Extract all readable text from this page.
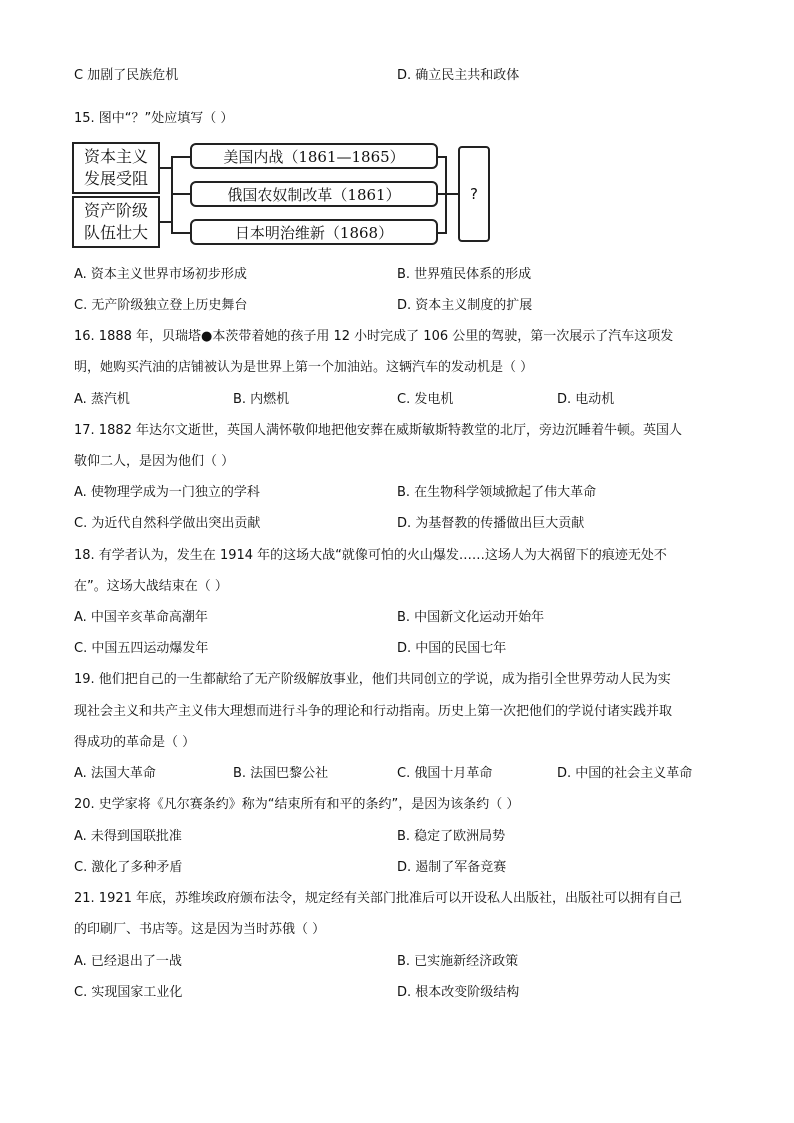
C 加剧了民族危机	D. 确立民主共和政体
15. 图中“？”处应填写（ ）
资本主义发展受阻
资产阶级队伍壮大
美国内战（1861—1865）
俄国农奴制改革（1861）
日本明治维新（1868）
?
A. 资本主义世界市场初步形成	B. 世界殖民体系的形成
C. 无产阶级独立登上历史舞台	D. 资本主义制度的扩展
16. 1888 年，贝瑞塔●本茨带着她的孩子用 12 小时完成了 106 公里的驾驶，第一次展示了汽车这项发
明，她购买汽油的店铺被认为是世界上第一个加油站。这辆汽车的发动机是（ ）
A. 蒸汽机	B. 内燃机	C. 发电机	D. 电动机
17. 1882 年达尔文逝世，英国人满怀敬仰地把他安葬在威斯敏斯特教堂的北厅，旁边沉睡着牛顿。英国人
敬仰二人，是因为他们（ ）
A. 使物理学成为一门独立的学科	B. 在生物科学领域掀起了伟大革命
C. 为近代自然科学做出突出贡献	D. 为基督教的传播做出巨大贡献
18. 有学者认为，发生在 1914 年的这场大战“就像可怕的火山爆发……这场人为大祸留下的痕迹无处不
在”。这场大战结束在（ ）
A. 中国辛亥革命高潮年	B. 中国新文化运动开始年
C. 中国五四运动爆发年	D. 中国的民国七年
19. 他们把自己的一生都献给了无产阶级解放事业，他们共同创立的学说，成为指引全世界劳动人民为实
现社会主义和共产主义伟大理想而进行斗争的理论和行动指南。历史上第一次把他们的学说付诸实践并取
得成功的革命是（ ）
A. 法国大革命	B. 法国巴黎公社	C. 俄国十月革命	D. 中国的社会主义革命
20. 史学家将《凡尔赛条约》称为“结束所有和平的条约”，是因为该条约（ ）
A. 未得到国联批准	B. 稳定了欧洲局势
C. 激化了多种矛盾	D. 遏制了军备竞赛
21. 1921 年底，苏维埃政府颁布法令，规定经有关部门批准后可以开设私人出版社，出版社可以拥有自己
的印刷厂、书店等。这是因为当时苏俄（ ）
A. 已经退出了一战	B. 已实施新经济政策
C. 实现国家工业化	D. 根本改变阶级结构
